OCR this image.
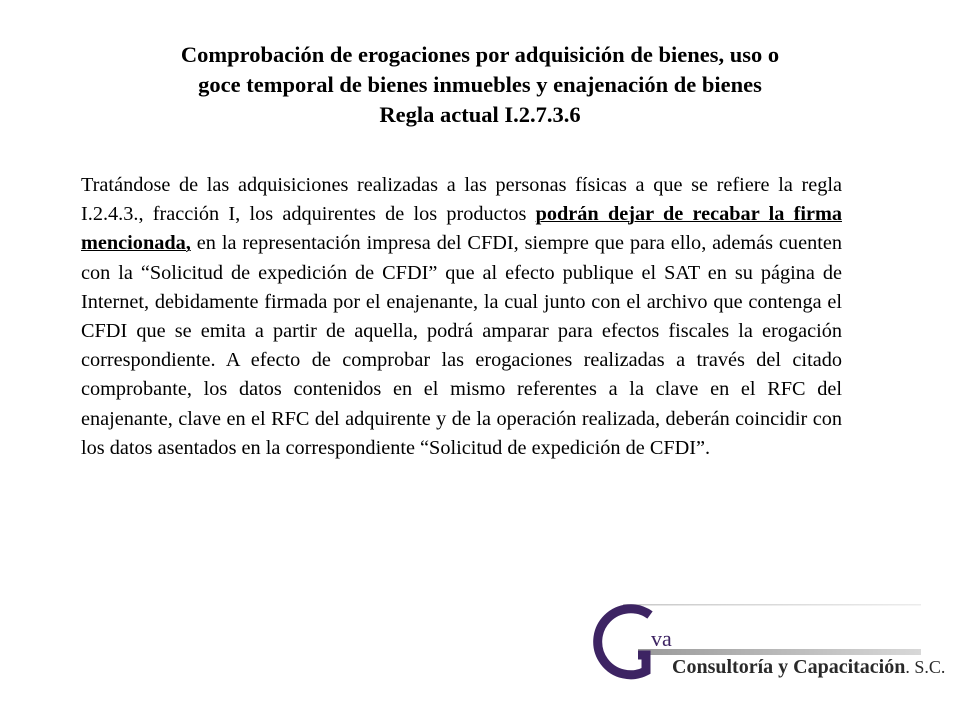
Comprobación de erogaciones por adquisición de bienes, uso o
goce temporal de bienes inmuebles y enajenación de bienes
Regla actual I.2.7.3.6
Tratándose de las adquisiciones realizadas a las personas físicas a que se refiere la regla I.2.4.3., fracción I, los adquirentes de los productos podrán dejar de recabar la firma mencionada, en la representación impresa del CFDI, siempre que para ello, además cuenten con la “Solicitud de expedición de CFDI” que al efecto publique el SAT en su página de Internet, debidamente firmada por el enajenante, la cual junto con el archivo que contenga el CFDI que se emita a partir de aquella, podrá amparar para efectos fiscales la erogación correspondiente. A efecto de comprobar las erogaciones realizadas a través del citado comprobante, los datos contenidos en el mismo referentes a la clave en el RFC del enajenante, clave en el RFC del adquirente y de la operación realizada, deberán coincidir con los datos asentados en la correspondiente “Solicitud de expedición de CFDI”.
va
Consultoría y Capacitación. S.C.
